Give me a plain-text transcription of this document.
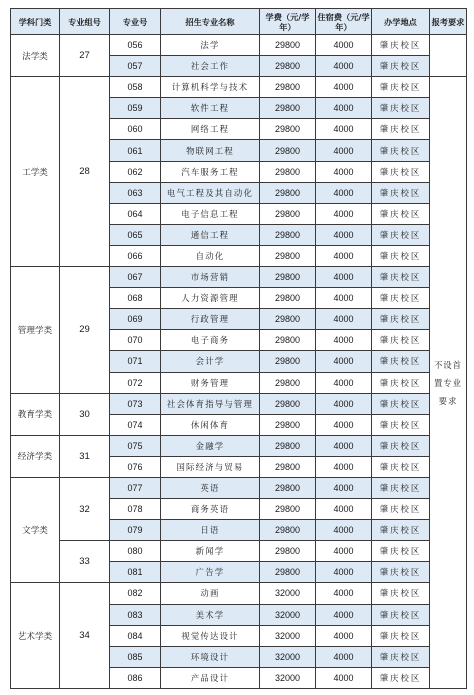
学科门类	专业组号	专业号	招生专业名称	学费（元/学年）	住宿费（元/学年）	办学地点	报考要求
法学类	27	056	法学	29800	4000	肇庆校区	
		057	社会工作	29800	4000	肇庆校区	
工学类	28	058	计算机科学与技术	29800	4000	肇庆校区	不设首置专业要求
		059	软件工程	29800	4000	肇庆校区	
		060	网络工程	29800	4000	肇庆校区	
		061	物联网工程	29800	4000	肇庆校区	
		062	汽车服务工程	29800	4000	肇庆校区	
		063	电气工程及其自动化	29800	4000	肇庆校区	
		064	电子信息工程	29800	4000	肇庆校区	
		065	通信工程	29800	4000	肇庆校区	
		066	自动化	29800	4000	肇庆校区	
管理学类	29	067	市场营销	29800	4000	肇庆校区	
		068	人力资源管理	29800	4000	肇庆校区	
		069	行政管理	29800	4000	肇庆校区	
		070	电子商务	29800	4000	肇庆校区	
		071	会计学	29800	4000	肇庆校区	
		072	财务管理	29800	4000	肇庆校区	
教育学类	30	073	社会体育指导与管理	29800	4000	肇庆校区	
		074	休闲体育	29800	4000	肇庆校区	
经济学类	31	075	金融学	29800	4000	肇庆校区	
		076	国际经济与贸易	29800	4000	肇庆校区	
文学类	32	077	英语	29800	4000	肇庆校区	
		078	商务英语	29800	4000	肇庆校区	
		079	日语	29800	4000	肇庆校区	
	33	080	新闻学	29800	4000	肇庆校区	
		081	广告学	29800	4000	肇庆校区	
艺术学类	34	082	动画	32000	4000	肇庆校区	
		083	美术学	32000	4000	肇庆校区	
		084	视觉传达设计	32000	4000	肇庆校区	
		085	环境设计	32000	4000	肇庆校区	
		086	产品设计	32000	4000	肇庆校区	
